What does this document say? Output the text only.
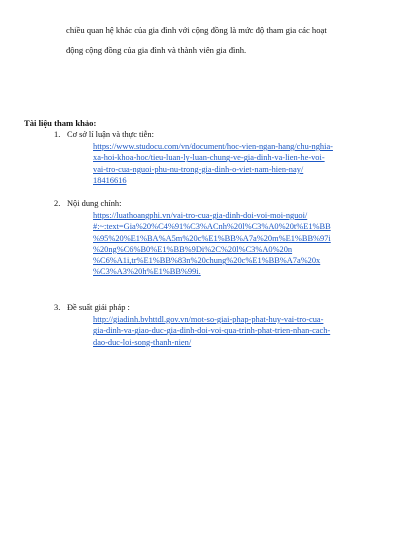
chiều quan hệ khác của gia đình với cộng đồng là mức độ tham gia các hoạt
động cộng đồng của gia đình và thành viên gia đình.

Tài liệu tham khảo:

1. Cơ sở lí luận và thực tiễn:
https://www.studocu.com/vn/document/hoc-vien-ngan-hang/chu-nghia-
xa-hoi-khoa-hoc/tieu-luan-ly-luan-chung-ve-gia-dinh-va-lien-he-voi-
vai-tro-cua-nguoi-phu-nu-trong-gia-dinh-o-viet-nam-hien-nay/
18416616
2. Nội dung chính:
https://luathoangphi.vn/vai-tro-cua-gia-dinh-doi-voi-moi-nguoi/
#:~:text=Gia%20%C4%91%C3%ACnh%20l%C3%A0%20t%E1%BB
%95%20%E1%BA%A5m%20c%E1%BB%A7a%20m%E1%BB%97i
%20ng%C6%B0%E1%BB%9Di%2C%20l%C3%A0%20n
%C6%A1i,tr%E1%BB%83n%20chung%20c%E1%BB%A7a%20x
%C3%A3%20h%E1%BB%99i.
3. Đề suất giải pháp :
http://giadinh.bvhttdl.gov.vn/mot-so-giai-phap-phat-huy-vai-tro-cua-
gia-dinh-va-giao-duc-gia-dinh-doi-voi-qua-trinh-phat-trien-nhan-cach-
dao-duc-loi-song-thanh-nien/
